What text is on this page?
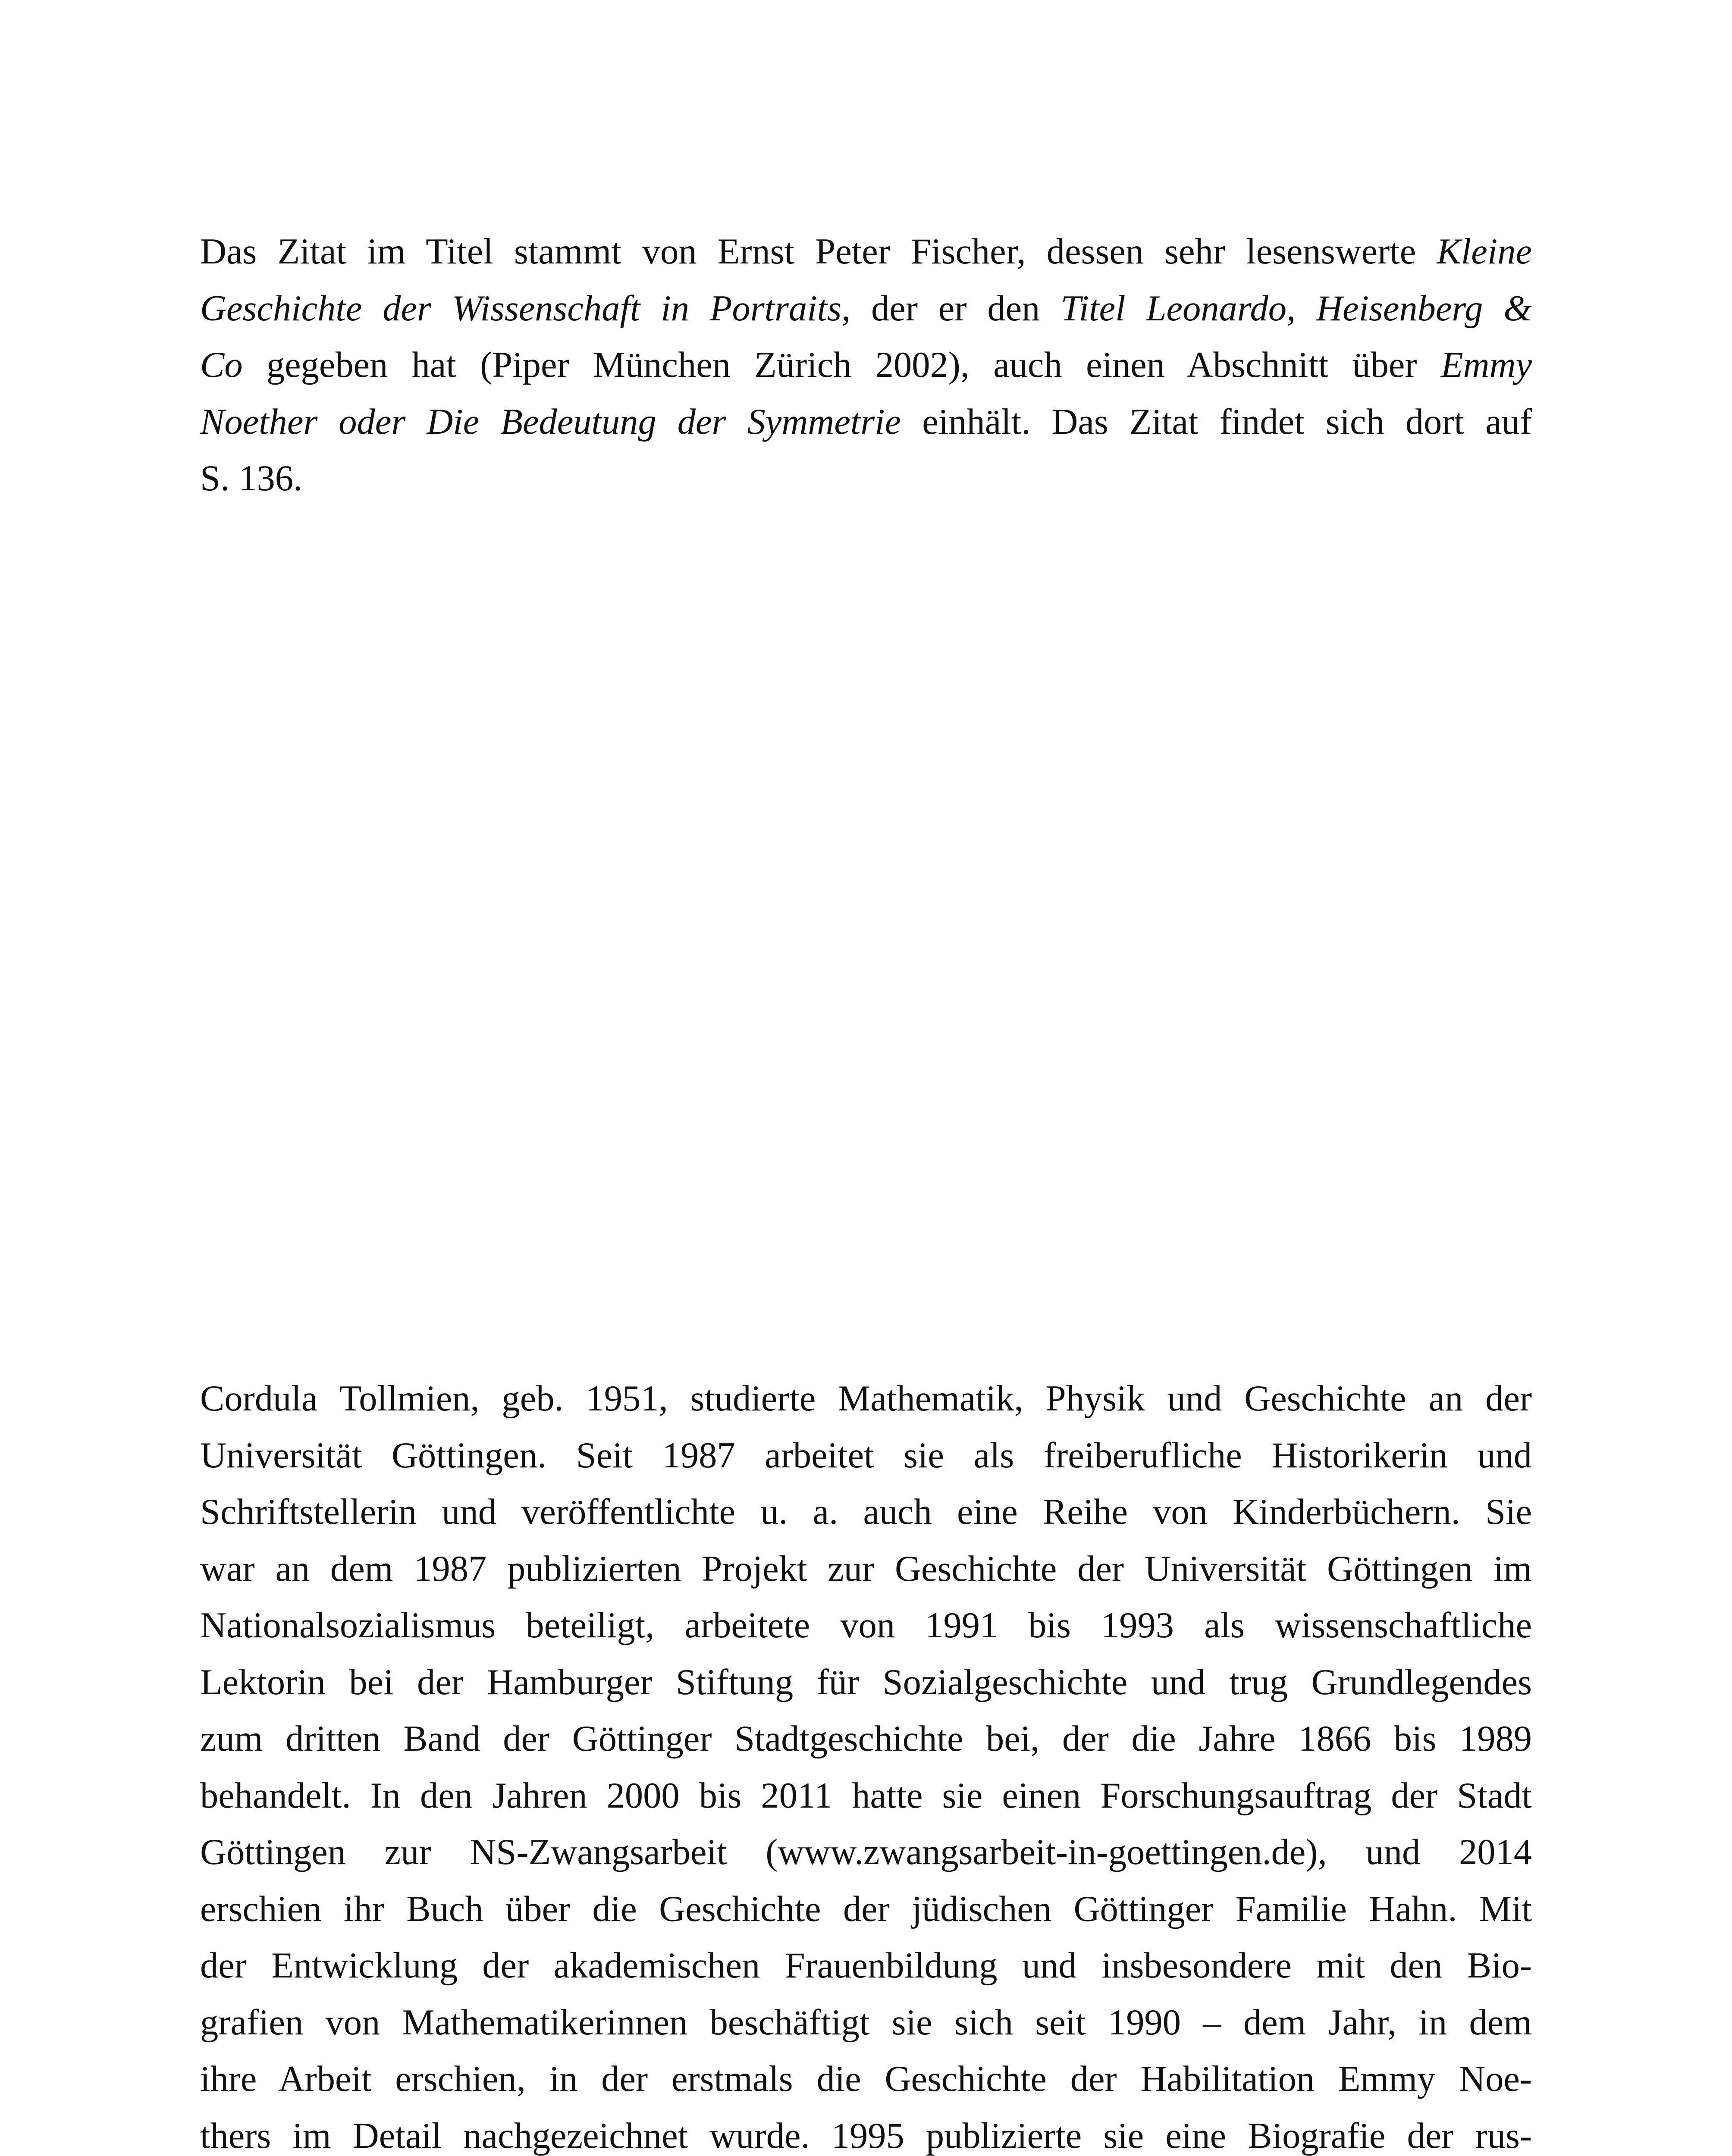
Das Zitat im Titel stammt von Ernst Peter Fischer, dessen sehr lesenswerte Kleine
Geschichte der Wissenschaft in Portraits, der er den Titel Leonardo, Heisenberg &
Co gegeben hat (Piper München Zürich 2002), auch einen Abschnitt über Emmy
Noether oder Die Bedeutung der Symmetrie einhält. Das Zitat findet sich dort auf
S. 136.
Cordula Tollmien, geb. 1951, studierte Mathematik, Physik und Geschichte an der
Universität Göttingen. Seit 1987 arbeitet sie als freiberufliche Historikerin und
Schriftstellerin und veröffentlichte u. a. auch eine Reihe von Kinderbüchern. Sie
war an dem 1987 publizierten Projekt zur Geschichte der Universität Göttingen im
Nationalsozialismus beteiligt, arbeitete von 1991 bis 1993 als wissenschaftliche
Lektorin bei der Hamburger Stiftung für Sozialgeschichte und trug Grundlegendes
zum dritten Band der Göttinger Stadtgeschichte bei, der die Jahre 1866 bis 1989
behandelt. In den Jahren 2000 bis 2011 hatte sie einen Forschungsauftrag der Stadt
Göttingen zur NS-Zwangsarbeit (www.zwangsarbeit-in-goettingen.de), und 2014
erschien ihr Buch über die Geschichte der jüdischen Göttinger Familie Hahn. Mit
der Entwicklung der akademischen Frauenbildung und insbesondere mit den Bio-
grafien von Mathematikerinnen beschäftigt sie sich seit 1990 – dem Jahr, in dem
ihre Arbeit erschien, in der erstmals die Geschichte der Habilitation Emmy Noe-
thers im Detail nachgezeichnet wurde. 1995 publizierte sie eine Biografie der rus-
